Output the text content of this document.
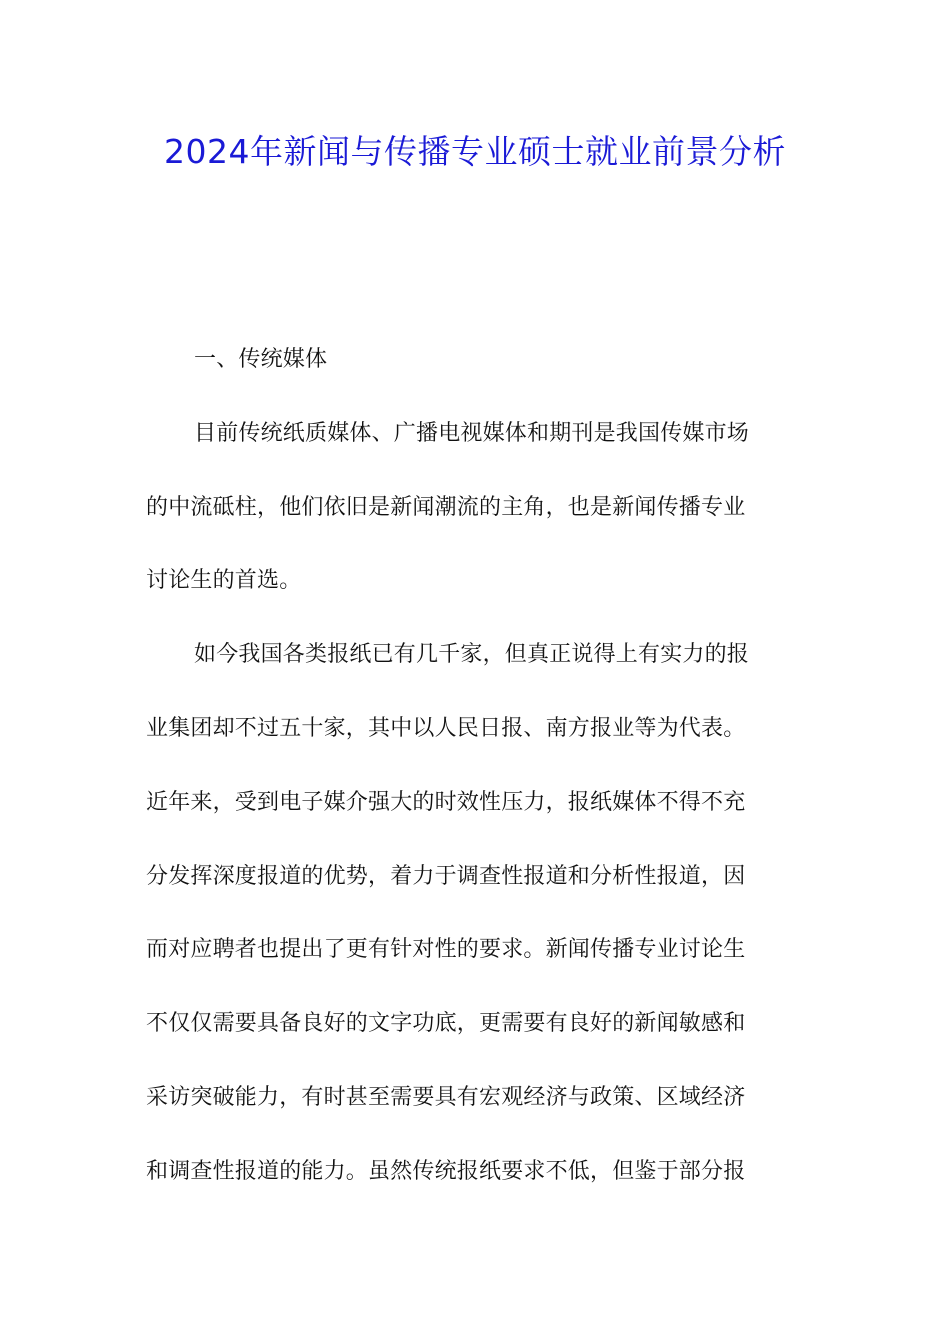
2024年新闻与传播专业硕士就业前景分析
一、传统媒体
目前传统纸质媒体、广播电视媒体和期刊是我国传媒市场
的中流砥柱，他们依旧是新闻潮流的主角，也是新闻传播专业
讨论生的首选。
如今我国各类报纸已有几千家，但真正说得上有实力的报
业集团却不过五十家，其中以人民日报、南方报业等为代表。
近年来，受到电子媒介强大的时效性压力，报纸媒体不得不充
分发挥深度报道的优势，着力于调查性报道和分析性报道，因
而对应聘者也提出了更有针对性的要求。新闻传播专业讨论生
不仅仅需要具备良好的文字功底，更需要有良好的新闻敏感和
采访突破能力，有时甚至需要具有宏观经济与政策、区域经济
和调查性报道的能力。虽然传统报纸要求不低，但鉴于部分报
